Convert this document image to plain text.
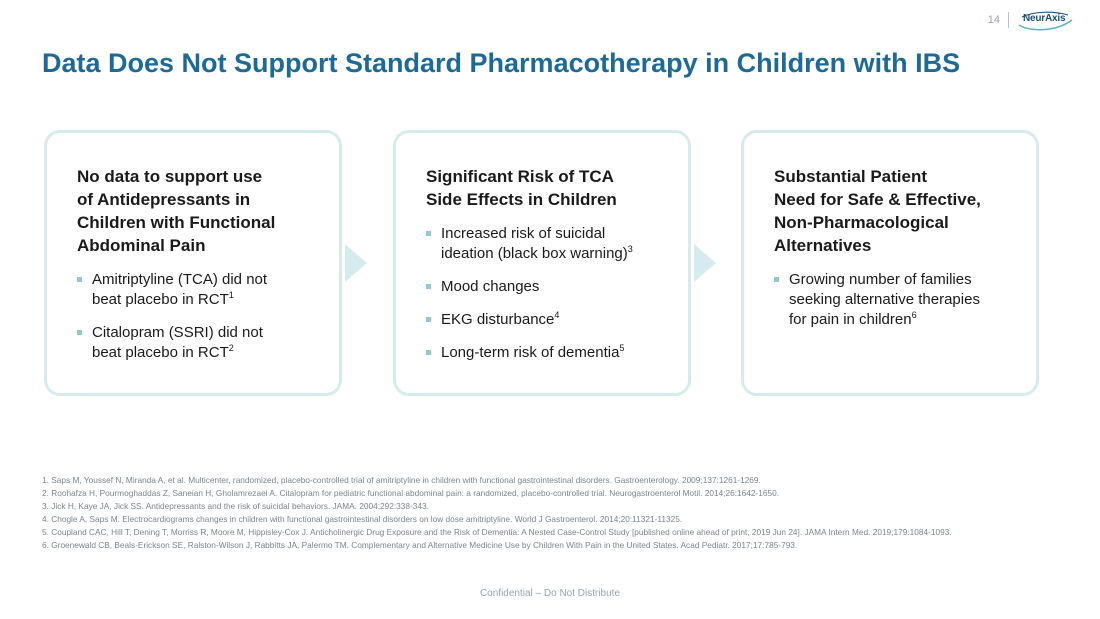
14 NeurAxis
Data Does Not Support Standard Pharmacotherapy in Children with IBS
No data to support use
of Antidepressants in
Children with Functional
Abdominal Pain
Amitriptyline (TCA) did not
beat placebo in RCT$^1$
Citalopram (SSRI) did not
beat placebo in RCT$^2$
Significant Risk of TCA
Side Effects in Children
Increased risk of suicidal
ideation (black box warning)$^3$
Mood changes
EKG disturbance$^4$
Long-term risk of dementia$^5$
Substantial Patient
Need for Safe & Effective,
Non-Pharmacological
Alternatives
Growing number of families
seeking alternative therapies
for pain in children$^6$
1. Saps M, Youssef N, Miranda A, et al. Multicenter, randomized, placebo-controlled trial of amitriptyline in children with functional gastrointestinal disorders. Gastroenterology. 2009;137:1261-1269.
2. Roohafza H, Pourmoghaddas Z, Saneian H, Gholamrezaei A. Citalopram for pediatric functional abdominal pain: a randomized, placebo-controlled trial. Neurogastroenterol Motil. 2014;26:1642-1650.
3. Jick H, Kaye JA, Jick SS. Antidepressants and the risk of suicidal behaviors. JAMA. 2004;292:338-343.
4. Chogle A, Saps M. Electrocardiograms changes in children with functional gastrointestinal disorders on low dose amitriptyline. World J Gastroenterol. 2014;20:11321-11325.
5. Coupland CAC, Hill T, Dening T, Morriss R, Moore M, Hippisley-Cox J. Anticholinergic Drug Exposure and the Risk of Dementia: A Nested Case-Control Study [published online ahead of print, 2019 Jun 24]. JAMA Intern Med. 2019;179:1084-1093.
6. Groenewald CB, Beals-Erickson SE, Ralston-Wilson J, Rabbitts JA, Palermo TM. Complementary and Alternative Medicine Use by Children With Pain in the United States. Acad Pediatr. 2017;17:785-793.
Confidential – Do Not Distribute
